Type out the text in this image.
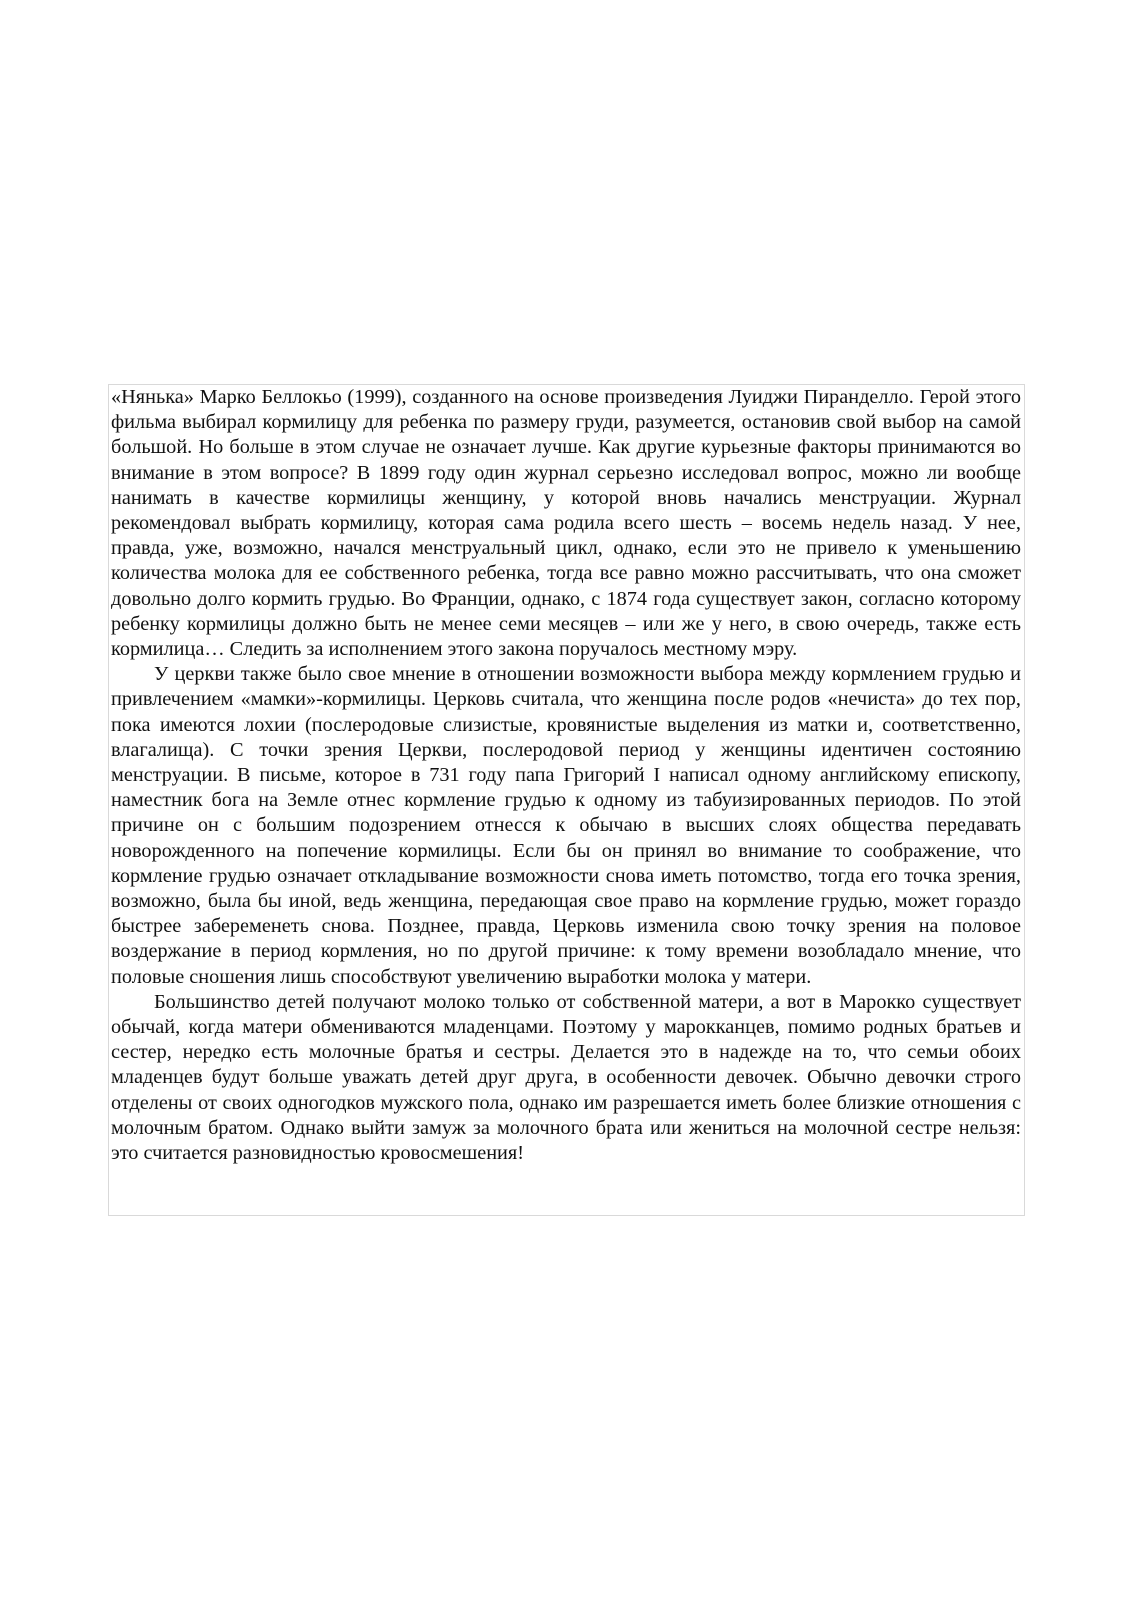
«Нянька» Марко Беллокьо (1999), созданного на основе произведения Луиджи Пиранделло. Герой этого фильма выбирал кормилицу для ребенка по размеру груди, разумеется, остановив свой выбор на самой большой. Но больше в этом случае не означает лучше. Как другие курьезные факторы принимаются во внимание в этом вопросе? В 1899 году один журнал серьезно исследовал вопрос, можно ли вообще нанимать в качестве кормилицы женщину, у которой вновь начались менструации. Журнал рекомендовал выбрать кормилицу, которая сама родила всего шесть – восемь недель назад. У нее, правда, уже, возможно, начался менструальный цикл, однако, если это не привело к уменьшению количества молока для ее собственного ребенка, тогда все равно можно рассчитывать, что она сможет довольно долго кормить грудью. Во Франции, однако, с 1874 года существует закон, согласно которому ребенку кормилицы должно быть не менее семи месяцев – или же у него, в свою очередь, также есть кормилица… Следить за исполнением этого закона поручалось местному мэру.

У церкви также было свое мнение в отношении возможности выбора между кормлением грудью и привлечением «мамки»-кормилицы. Церковь считала, что женщина после родов «нечиста» до тех пор, пока имеются лохии (послеродовые слизистые, кровянистые выделения из матки и, соответственно, влагалища). С точки зрения Церкви, послеродовой период у женщины идентичен состоянию менструации. В письме, которое в 731 году папа Григорий I написал одному английскому епископу, наместник бога на Земле отнес кормление грудью к одному из табуизированных периодов. По этой причине он с большим подозрением отнесся к обычаю в высших слоях общества передавать новорожденного на попечение кормилицы. Если бы он принял во внимание то соображение, что кормление грудью означает откладывание возможности снова иметь потомство, тогда его точка зрения, возможно, была бы иной, ведь женщина, передающая свое право на кормление грудью, может гораздо быстрее забеременеть снова. Позднее, правда, Церковь изменила свою точку зрения на половое воздержание в период кормления, но по другой причине: к тому времени возобладало мнение, что половые сношения лишь способствуют увеличению выработки молока у матери.

Большинство детей получают молоко только от собственной матери, а вот в Марокко существует обычай, когда матери обмениваются младенцами. Поэтому у марокканцев, помимо родных братьев и сестер, нередко есть молочные братья и сестры. Делается это в надежде на то, что семьи обоих младенцев будут больше уважать детей друг друга, в особенности девочек. Обычно девочки строго отделены от своих одногодков мужского пола, однако им разрешается иметь более близкие отношения с молочным братом. Однако выйти замуж за молочного брата или жениться на молочной сестре нельзя: это считается разновидностью кровосмешения!
